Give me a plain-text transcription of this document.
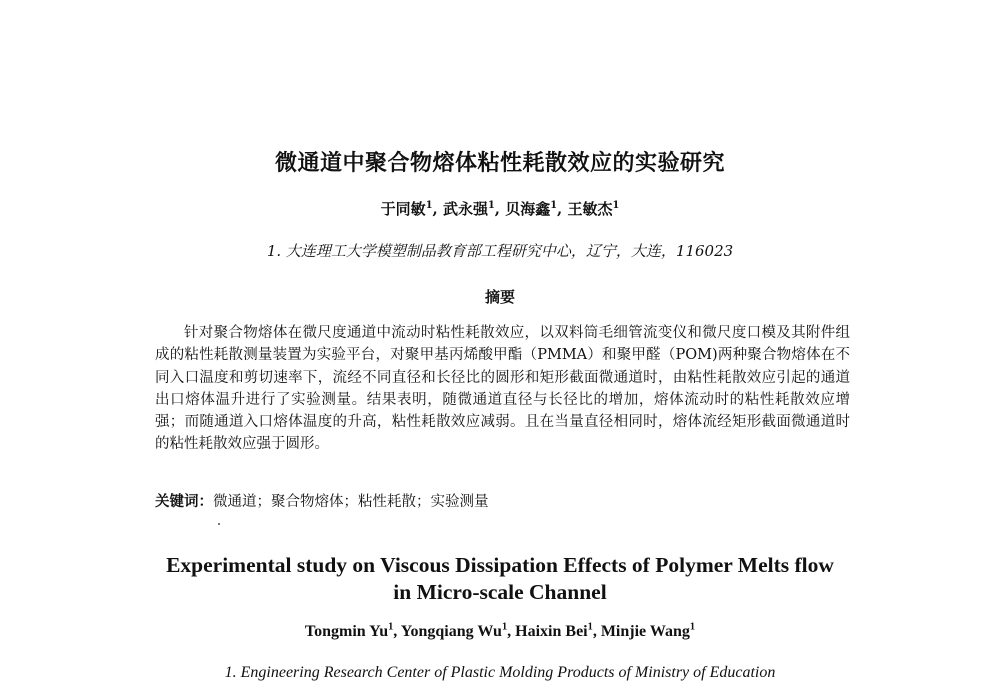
微通道中聚合物熔体粘性耗散效应的实验研究
于同敏$^1$, 武永强$^1$, 贝海鑫$^1$, 王敏杰$^1$
1. 大连理工大学模塑制品教育部工程研究中心，辽宁，大连，116023
摘要

针对聚合物熔体在微尺度通道中流动时粘性耗散效应，以双料筒毛细管流变仪和微尺度口模及其附件组成的粘性耗散测量装置为实验平台，对聚甲基丙烯酸甲酯（PMMA）和聚甲醛（POM)两种聚合物熔体在不同入口温度和剪切速率下，流经不同直径和长径比的圆形和矩形截面微通道时，由粘性耗散效应引起的通道出口熔体温升进行了实验测量。结果表明，随微通道直径与长径比的增加，熔体流动时的粘性耗散效应增强；而随通道入口熔体温度的升高，粘性耗散效应减弱。且在当量直径相同时，熔体流经矩形截面微通道时的粘性耗散效应强于圆形。

关键词：微通道；聚合物熔体；粘性耗散；实验测量
Experimental study on Viscous Dissipation Effects of Polymer Melts flow
in Micro-scale Channel
Tongmin Yu$^1$, Yongqiang Wu$^1$, Haixin Bei$^1$, Minjie Wang$^1$
1. Engineering Research Center of Plastic Molding Products of Ministry of Education
